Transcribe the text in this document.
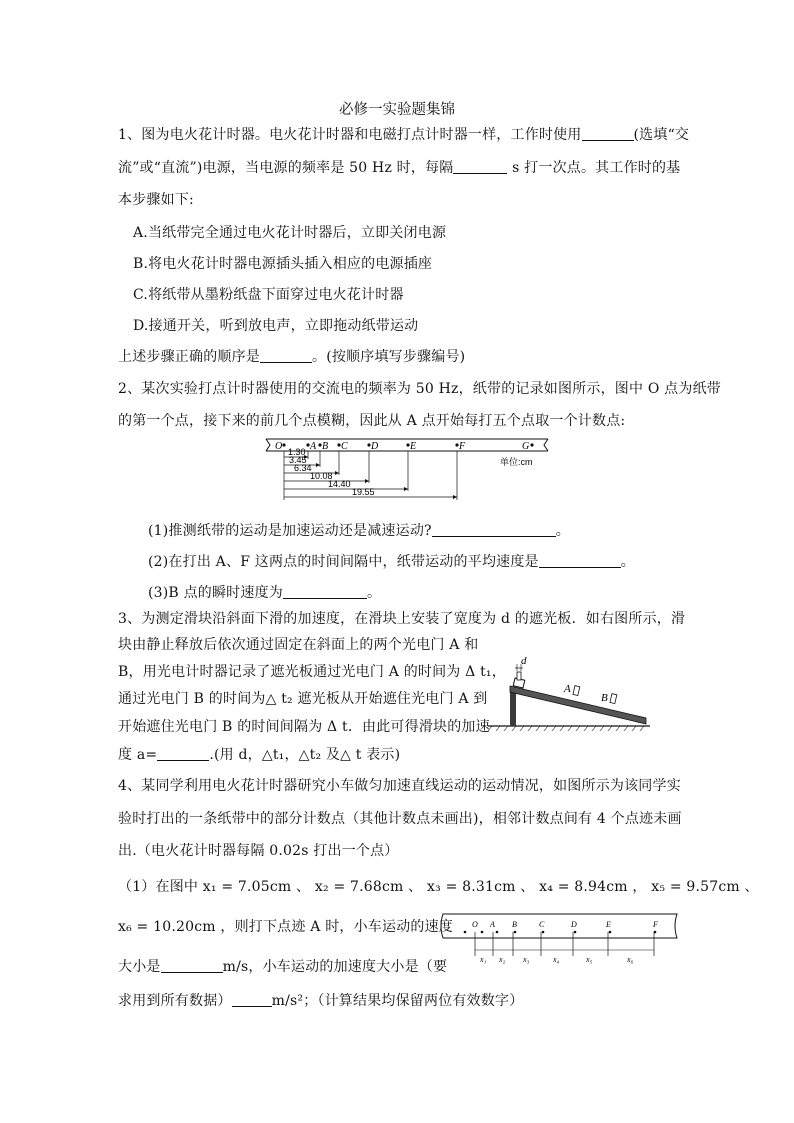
必修一实验题集锦
1、图为电火花计时器。电火花计时器和电磁打点计时器一样，工作时使用	(选填“交
流”或“直流”)电源，当电源的频率是 50 Hz 时，每隔	s 打一次点。其工作时的基
本步骤如下:
A.当纸带完全通过电火花计时器后，立即关闭电源
B.将电火花计时器电源插头插入相应的电源插座
C.将纸带从墨粉纸盘下面穿过电火花计时器
D.接通开关，听到放电声，立即拖动纸带运动
上述步骤正确的顺序是	。(按顺序填写步骤编号)
2、某次实验打点计时器使用的交流电的频率为 50 Hz，纸带的记录如图所示，图中 O 点为纸带
的第一个点，接下来的前几个点模糊，因此从 A 点开始每打五个点取一个计数点:
O	A B C D	E	F	G
1.30
3.45
6.34
10.08
14.40
19.55
单位:cm
(1)推测纸带的运动是加速运动还是减速运动?	。
(2)在打出 A、F 这两点的时间间隔中，纸带运动的平均速度是	。
(3)B 点的瞬时速度为	。
3、为测定滑块沿斜面下滑的加速度，在滑块上安装了宽度为 d 的遮光板．如右图所示，滑
块由静止释放后依次通过固定在斜面上的两个光电门 A 和
B，用光电计时器记录了遮光板通过光电门 A 的时间为 Δ t₁，
通过光电门 B 的时间为△ t₂ 遮光板从开始遮住光电门 A 到
开始遮住光电门 B 的时间间隔为 Δ t．由此可得滑块的加速
度 a=	.(用 d，△t₁，△t₂ 及△ t 表示)
d
A
B
4、某同学利用电火花计时器研究小车做匀加速直线运动的运动情况，如图所示为该同学实
验时打出的一条纸带中的部分计数点（其他计数点未画出)，相邻计数点间有 4 个点迹未画
出.（电火花计时器每隔 0.02s 打出一个点）
（1）在图中 x₁ = 7.05cm 、 x₂ = 7.68cm 、 x₃ = 8.31cm 、 x₄ = 8.94cm ， x₅ = 9.57cm 、
x₆ = 10.20cm ，则打下点迹 A 时，小车运动的速度
大小是	m/s，小车运动的加速度大小是（要
求用到所有数据）	m/s²；（计算结果均保留两位有效数字）
O A B	C	D	E	F
x₁ x₂ x₃	x₄	x₅	x₆
